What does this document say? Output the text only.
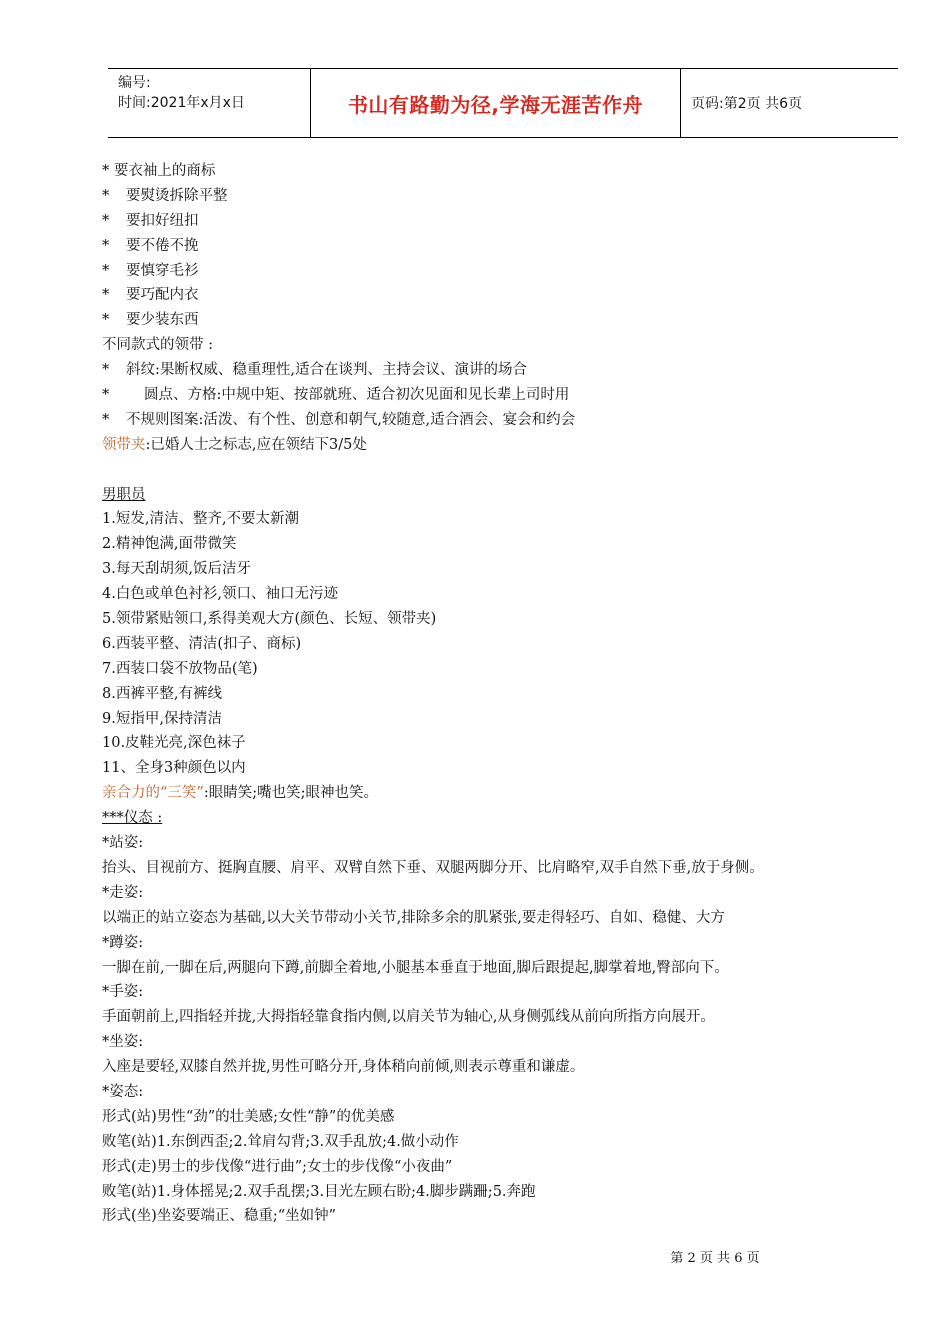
编号:
时间:2021年x月x日	书山有路勤为径,学海无涯苦作舟	页码:第2页 共6页
* 要衣袖上的商标
* 要熨烫拆除平整
* 要扣好纽扣
* 要不倦不挽
* 要慎穿毛衫
* 要巧配内衣
* 要少装东西
不同款式的领带 :
* 斜纹:果断权威、稳重理性,适合在谈判、主持会议、演讲的场合
* 圆点、方格:中规中矩、按部就班、适合初次见面和见长辈上司时用
* 不规则图案:活泼、有个性、创意和朝气,较随意,适合酒会、宴会和约会
领带夹:已婚人士之标志,应在领结下3/5处
男职员
1.短发,清洁、整齐,不要太新潮
2.精神饱满,面带微笑
3.每天刮胡须,饭后洁牙
4.白色或单色衬衫,领口、袖口无污迹
5.领带紧贴领口,系得美观大方(颜色、长短、领带夹)
6.西装平整、清洁(扣子、商标)
7.西装口袋不放物品(笔)
8.西裤平整,有裤线
9.短指甲,保持清洁
10.皮鞋光亮,深色袜子
11、全身3种颜色以内
亲合力的“三笑”:眼睛笑;嘴也笑;眼神也笑。
***仪态 :
*站姿:
抬头、目视前方、挺胸直腰、肩平、双臂自然下垂、双腿两脚分开、比肩略窄,双手自然下垂,放于身侧。
*走姿:
以端正的站立姿态为基础,以大关节带动小关节,排除多余的肌紧张,要走得轻巧、自如、稳健、大方
*蹲姿:
一脚在前,一脚在后,两腿向下蹲,前脚全着地,小腿基本垂直于地面,脚后跟提起,脚掌着地,臀部向下。
*手姿:
手面朝前上,四指轻并拢,大拇指轻靠食指内侧,以肩关节为轴心,从身侧弧线从前向所指方向展开。
*坐姿:
入座是要轻,双膝自然并拢,男性可略分开,身体稍向前倾,则表示尊重和谦虚。
*姿态:
形式(站)男性“劲”的壮美感;女性“静”的优美感
败笔(站)1.东倒西歪;2.耸肩勾背;3.双手乱放;4.做小动作
形式(走)男士的步伐像“进行曲”;女士的步伐像“小夜曲”
败笔(站)1.身体摇晃;2.双手乱摆;3.目光左顾右盼;4.脚步蹒跚;5.奔跑
形式(坐)坐姿要端正、稳重;“坐如钟”
第 2 页 共 6 页
